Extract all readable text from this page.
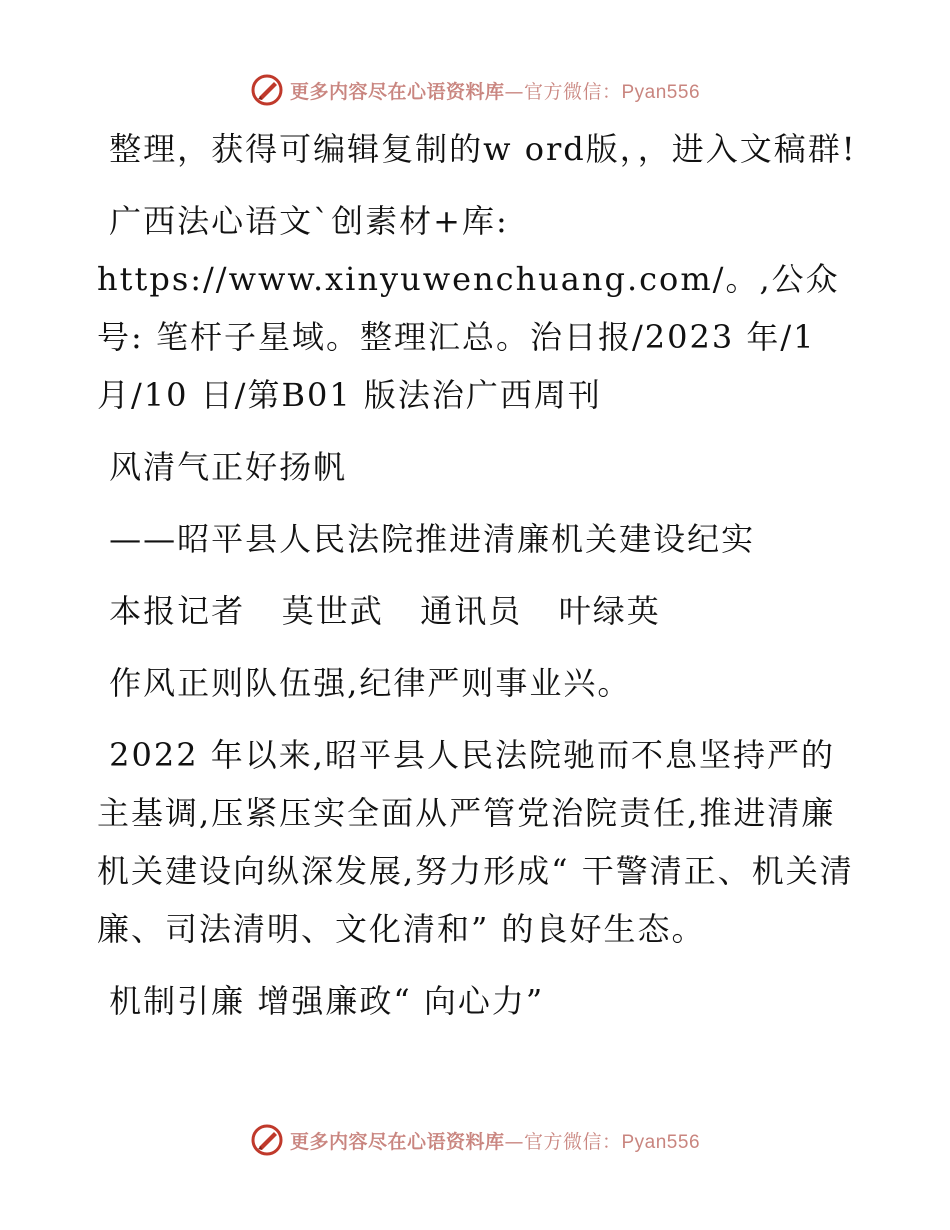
更多内容尽在心语资料库—官方微信：Pyan556

整理，获得可编辑复制的w ord版，，进入文稿群!

广西法心语文`创素材+库: https://www.xinyuwenchuang.com/。,公众号: 笔杆子星域。整理汇总。治日报/2023 年/1 月/10 日/第B01 版法治广西周刊

风清气正好扬帆

——昭平县人民法院推进清廉机关建设纪实

本报记者   莫世武   通讯员   叶绿英

作风正则队伍强,纪律严则事业兴。

2022 年以来,昭平县人民法院驰而不息坚持严的主基调,压紧压实全面从严管党治院责任,推进清廉机关建设向纵深发展,努力形成“ 干警清正、机关清廉、司法清明、文化清和” 的良好生态。

机制引廉 增强廉政“ 向心力”

更多内容尽在心语资料库—官方微信：Pyan556
